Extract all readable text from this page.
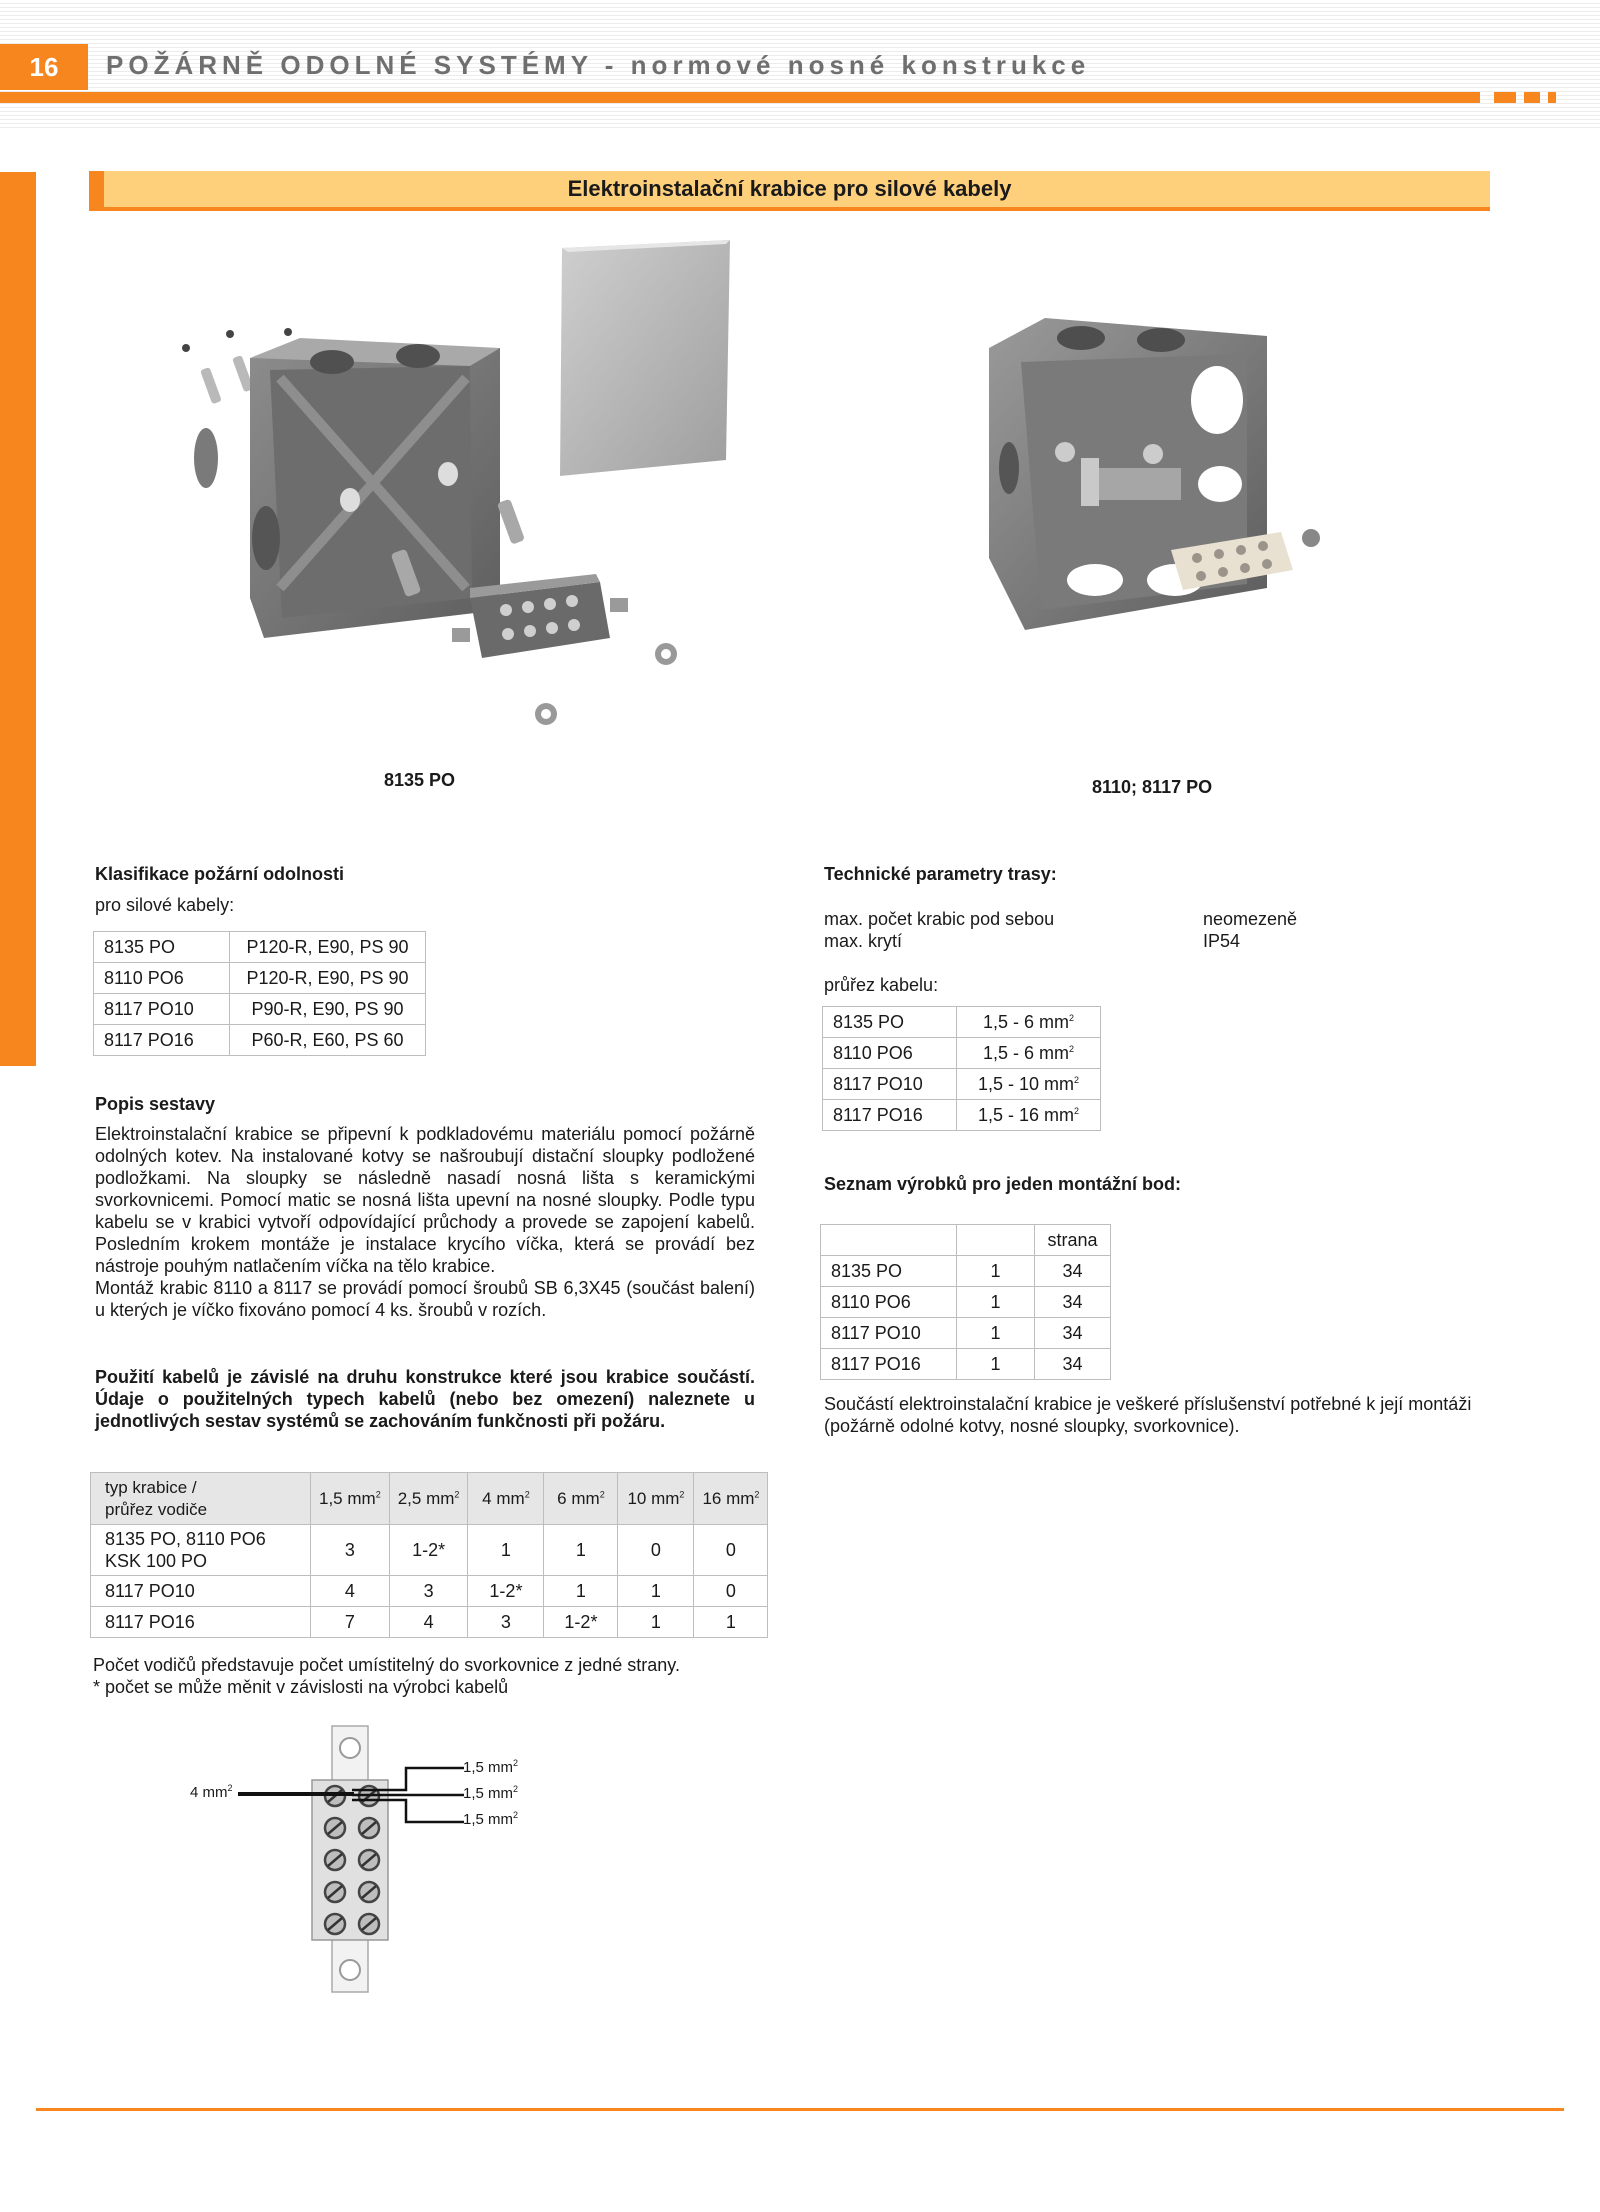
16	POŽÁRNĚ ODOLNÉ SYSTÉMY - normové nosné konstrukce
Elektroinstalační krabice pro silové kabely
8135 PO	8110; 8117 PO
Klasifikace požární odolnosti
pro silové kabely:
8135 PO	P120-R, E90, PS 90
8110 PO6	P120-R, E90, PS 90
8117 PO10	P90-R, E90, PS 90
8117 PO16	P60-R, E60, PS 60
Popis sestavy
Elektroinstalační krabice se připevní k podkladovému materiálu pomocí požárně odolných kotev. Na instalované kotvy se našroubují distační sloupky podložené podložkami. Na sloupky se následně nasadí nosná lišta s keramickými svorkovnicemi. Pomocí matic se nosná lišta upevní na nosné sloupky. Podle typu kabelu se v krabici vytvoří odpovídající průchody a provede se zapojení kabelů. Posledním krokem montáže je instalace krycího víčka, která se provádí bez nástroje pouhým natlačením víčka na tělo krabice.
Montáž krabic 8110 a 8117 se provádí pomocí šroubů SB 6,3X45 (součást balení) u kterých je víčko fixováno pomocí 4 ks. šroubů v rozích.
Použití kabelů je závislé na druhu konstrukce které jsou krabice součástí. Údaje o použitelných typech kabelů (nebo bez omezení) naleznete u jednotlivých sestav systémů se zachováním funkčnosti při požáru.
typ krabice /
průřez vodiče	1,5 $mm^2$	2,5 $mm^2$	4 $mm^2$	6 $mm^2$	10 $mm^2$	16 $mm^2$

8135 PO, 8110 PO6
KSK 100 PO	3	1-2*	1	1	0	0
8117 PO10	4	3	1-2*	1	1	0
8117 PO16	7	4	3	1-2*	1	1
Počet vodičů představuje počet umístitelný do svorkovnice z jedné strany.
* počet se může měnit v závislosti na výrobci kabelů
4 $mm^2$
1,5 $mm^2$
1,5 $mm^2$
1,5 $mm^2$
Technické parametry trasy:
max. počet krabic pod sebou	neomezeně
max. krytí	IP54
průřez kabelu:
8135 PO	1,5 - 6 $mm^2$
8110 PO6	1,5 - 6 $mm^2$
8117 PO10	1,5 - 10 $mm^2$
8117 PO16	1,5 - 16 $mm^2$
Seznam výrobků pro jeden montážní bod:
		strana
8135 PO	1	34
8110 PO6	1	34
8117 PO10	1	34
8117 PO16	1	34
Součástí elektroinstalační krabice je veškeré příslušenství potřebné k její montáži (požárně odolné kotvy, nosné sloupky, svorkovnice).
